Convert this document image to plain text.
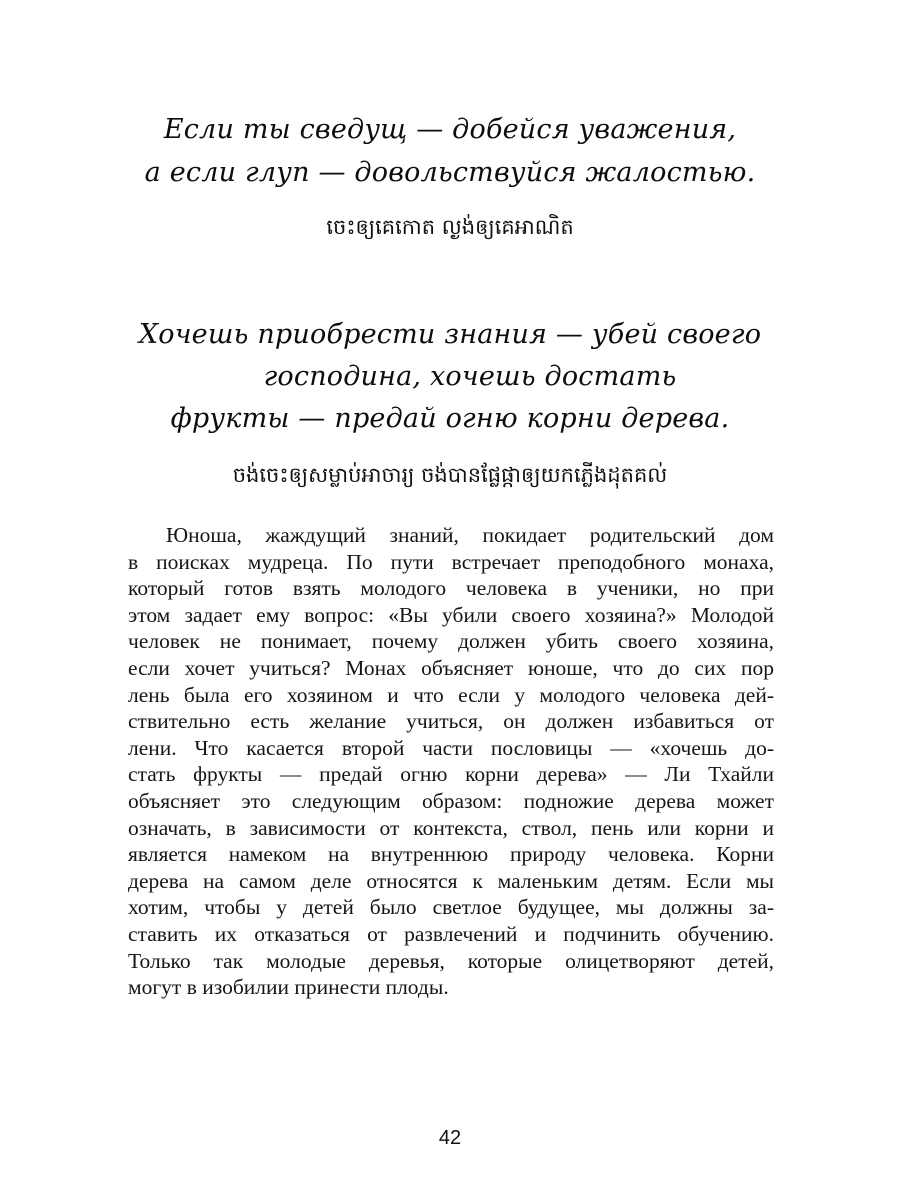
Если ты сведущ — добейся уважения,
а если глуп — довольствуйся жалостью.
ចេះឲ្យគេកោត ល្ងង់ឲ្យគេអាណិត
Хочешь приобрести знания — убей своего
господина, хочешь достать
фрукты — предай огню корни дерева.
ចង់ចេះឲ្យសម្លាប់អាចារ្យ ចង់បានផ្លែផ្កាឲ្យយកភ្លើងដុតគល់
Юноша, жаждущий знаний, покидает родительский дом
в поисках мудреца. По пути встречает преподобного монаха,
который готов взять молодого человека в ученики, но при
этом задает ему вопрос: «Вы убили своего хозяина?» Молодой
человек не понимает, почему должен убить своего хозяина,
если хочет учиться? Монах объясняет юноше, что до сих пор
лень была его хозяином и что если у молодого человека дей-
ствительно есть желание учиться, он должен избавиться от
лени. Что касается второй части пословицы — «хочешь до-
стать фрукты — предай огню корни дерева» — Ли Тхайли
объясняет это следующим образом: подножие дерева может
означать, в зависимости от контекста, ствол, пень или корни и
является намеком на внутреннюю природу человека. Корни
дерева на самом деле относятся к маленьким детям. Если мы
хотим, чтобы у детей было светлое будущее, мы должны за-
ставить их отказаться от развлечений и подчинить обучению.
Только так молодые деревья, которые олицетворяют детей,
могут в изобилии принести плоды.
42
